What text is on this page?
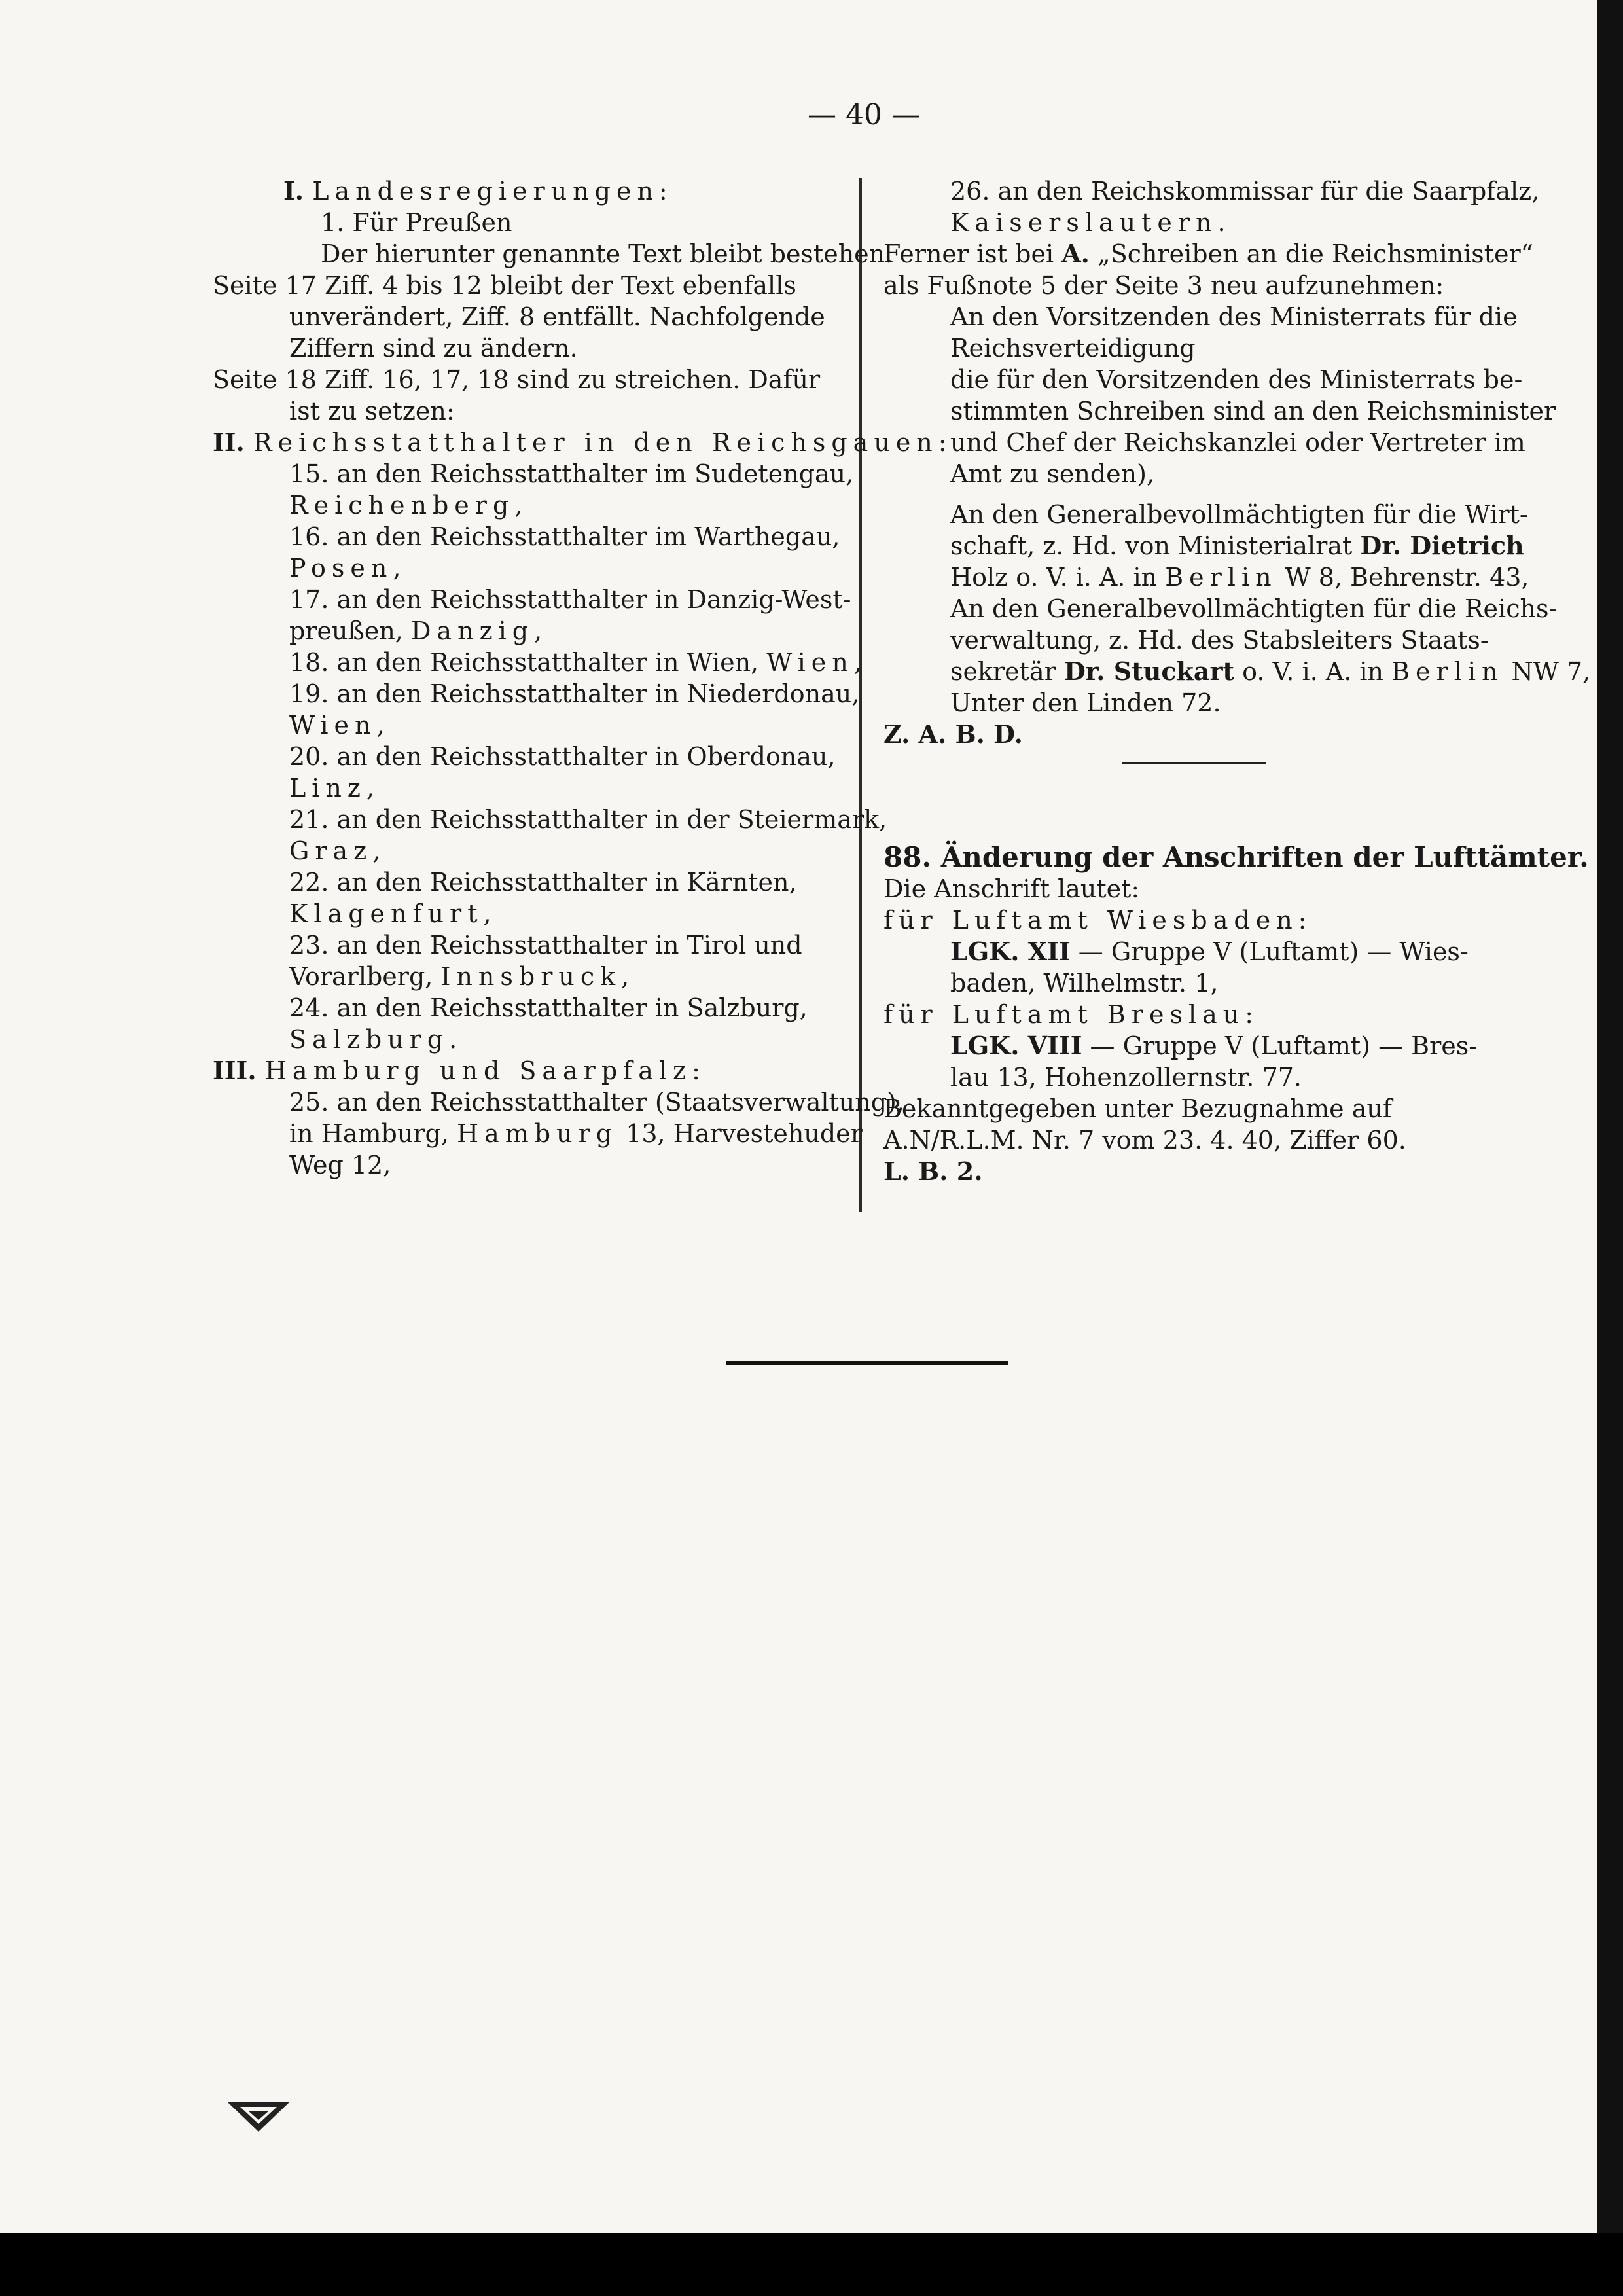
— 40 —
I. Landesregierungen:
1. Für Preußen
Der hierunter genannte Text bleibt bestehen.
Seite 17 Ziff. 4 bis 12 bleibt der Text ebenfalls
unverändert, Ziff. 8 entfällt. Nachfolgende
Ziffern sind zu ändern.
Seite 18 Ziff. 16, 17, 18 sind zu streichen. Dafür
ist zu setzen:
II. Reichsstatthalter in den Reichsgauen:
15. an den Reichsstatthalter im Sudetengau,
Reichenberg,
16. an den Reichsstatthalter im Warthegau,
Posen,
17. an den Reichsstatthalter in Danzig-West-
preußen, Danzig,
18. an den Reichsstatthalter in Wien, Wien,
19. an den Reichsstatthalter in Niederdonau,
Wien,
20. an den Reichsstatthalter in Oberdonau,
Linz,
21. an den Reichsstatthalter in der Steiermark,
Graz,
22. an den Reichsstatthalter in Kärnten,
Klagenfurt,
23. an den Reichsstatthalter in Tirol und
Vorarlberg, Innsbruck,
24. an den Reichsstatthalter in Salzburg,
Salzburg.
III. Hamburg und Saarpfalz:
25. an den Reichsstatthalter (Staatsverwaltung),
in Hamburg, Hamburg 13, Harvestehuder
Weg 12,
26. an den Reichskommissar für die Saarpfalz,
Kaiserslautern.
Ferner ist bei A. „Schreiben an die Reichsminister“
als Fußnote 5 der Seite 3 neu aufzunehmen:
An den Vorsitzenden des Ministerrats für die
Reichsverteidigung
die für den Vorsitzenden des Ministerrats be-
stimmten Schreiben sind an den Reichsminister
und Chef der Reichskanzlei oder Vertreter im
Amt zu senden),
An den Generalbevollmächtigten für die Wirt-
schaft, z. Hd. von Ministerialrat Dr. Dietrich
Holz o. V. i. A. in Berlin W 8, Behrenstr. 43,
An den Generalbevollmächtigten für die Reichs-
verwaltung, z. Hd. des Stabsleiters Staats-
sekretär Dr. Stuckart o. V. i. A. in Berlin NW 7,
Unter den Linden 72.
Z. A. B. D.
88. Änderung der Anschriften der Lufttämter.
Die Anschrift lautet:
für Luftamt Wiesbaden:
LGK. XII — Gruppe V (Luftamt) — Wies-
baden, Wilhelmstr. 1,
für Luftamt Breslau:
LGK. VIII — Gruppe V (Luftamt) — Bres-
lau 13, Hohenzollernstr. 77.
Bekanntgegeben unter Bezugnahme auf
A.N/R.L.M. Nr. 7 vom 23. 4. 40, Ziffer 60.
L. B. 2.
